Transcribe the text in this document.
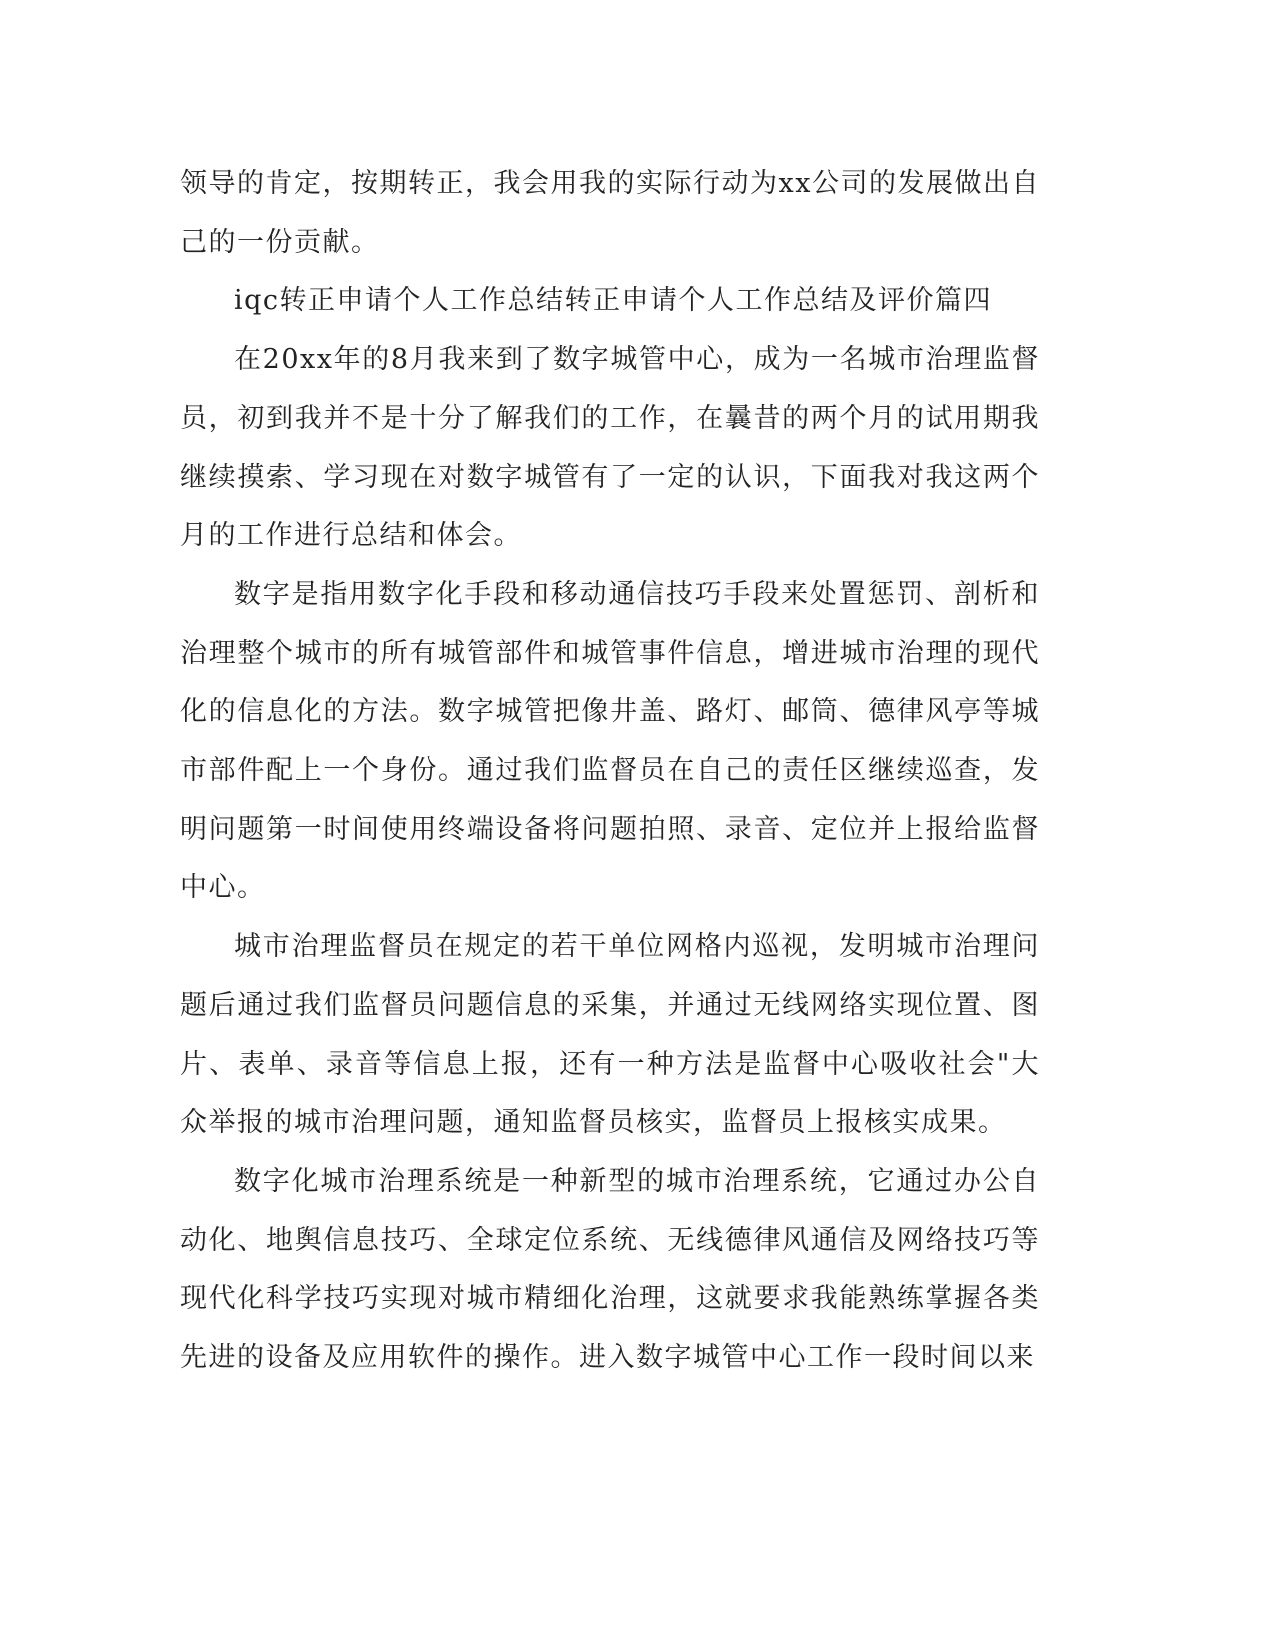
领导的肯定，按期转正，我会用我的实际行动为xx公司的发展做出自己的一份贡献。

iqc转正申请个人工作总结转正申请个人工作总结及评价篇四

在20xx年的8月我来到了数字城管中心，成为一名城市治理监督员，初到我并不是十分了解我们的工作，在曩昔的两个月的试用期我继续摸索、学习现在对数字城管有了一定的认识，下面我对我这两个月的工作进行总结和体会。

数字是指用数字化手段和移动通信技巧手段来处置惩罚、剖析和治理整个城市的所有城管部件和城管事件信息，增进城市治理的现代化的信息化的方法。数字城管把像井盖、路灯、邮筒、德律风亭等城市部件配上一个身份。通过我们监督员在自己的责任区继续巡查，发明问题第一时间使用终端设备将问题拍照、录音、定位并上报给监督中心。

城市治理监督员在规定的若干单位网格内巡视，发明城市治理问题后通过我们监督员问题信息的采集，并通过无线网络实现位置、图片、表单、录音等信息上报，还有一种方法是监督中心吸收社会"大众举报的城市治理问题，通知监督员核实，监督员上报核实成果。

数字化城市治理系统是一种新型的城市治理系统，它通过办公自动化、地舆信息技巧、全球定位系统、无线德律风通信及网络技巧等现代化科学技巧实现对城市精细化治理，这就要求我能熟练掌握各类先进的设备及应用软件的操作。进入数字城管中心工作一段时间以来
